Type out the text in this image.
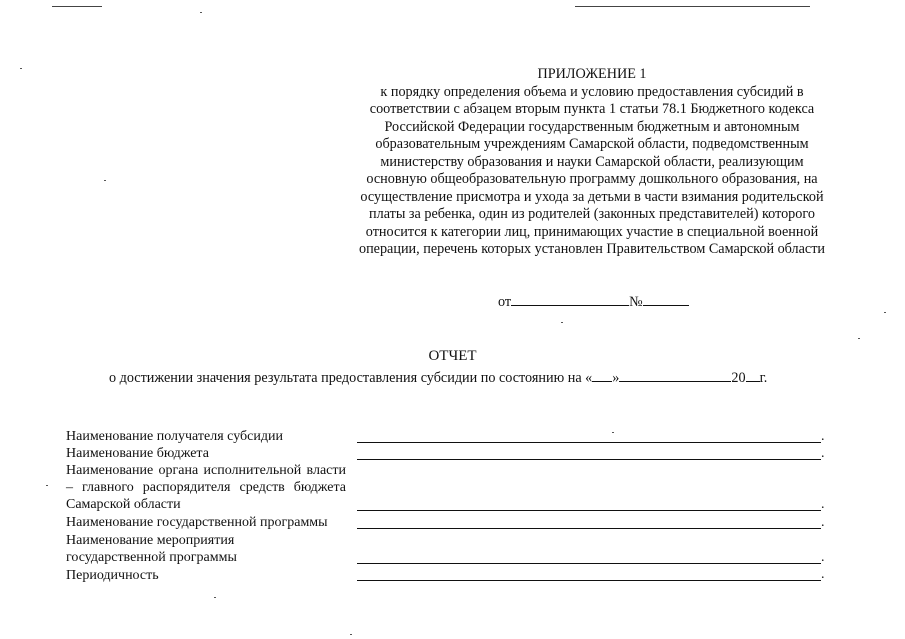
ПРИЛОЖЕНИЕ 1
к порядку определения объема и условию предоставления субсидий в соответствии с абзацем вторым пункта 1 статьи 78.1 Бюджетного кодекса Российской Федерации государственным бюджетным и автономным образовательным учреждениям Самарской области, подведомственным министерству образования и науки Самарской области, реализующим основную общеобразовательную программу дошкольного образования, на осуществление присмотра и ухода за детьми в части взимания родительской платы за ребенка, один из родителей (законных представителей) которого относится к категории лиц, принимающих участие в специальной военной операции, перечень которых установлен Правительством Самарской области
от	№
ОТЧЕТ
о достижении значения результата предоставления субсидии по состоянию на « »	20 г.
Наименование получателя субсидии	.
Наименование бюджета	.
Наименование органа исполнительной власти – главного распорядителя средств бюджета Самарской области	.
Наименование государственной программы	.
Наименование мероприятия
государственной программы	.
Периодичность	.
